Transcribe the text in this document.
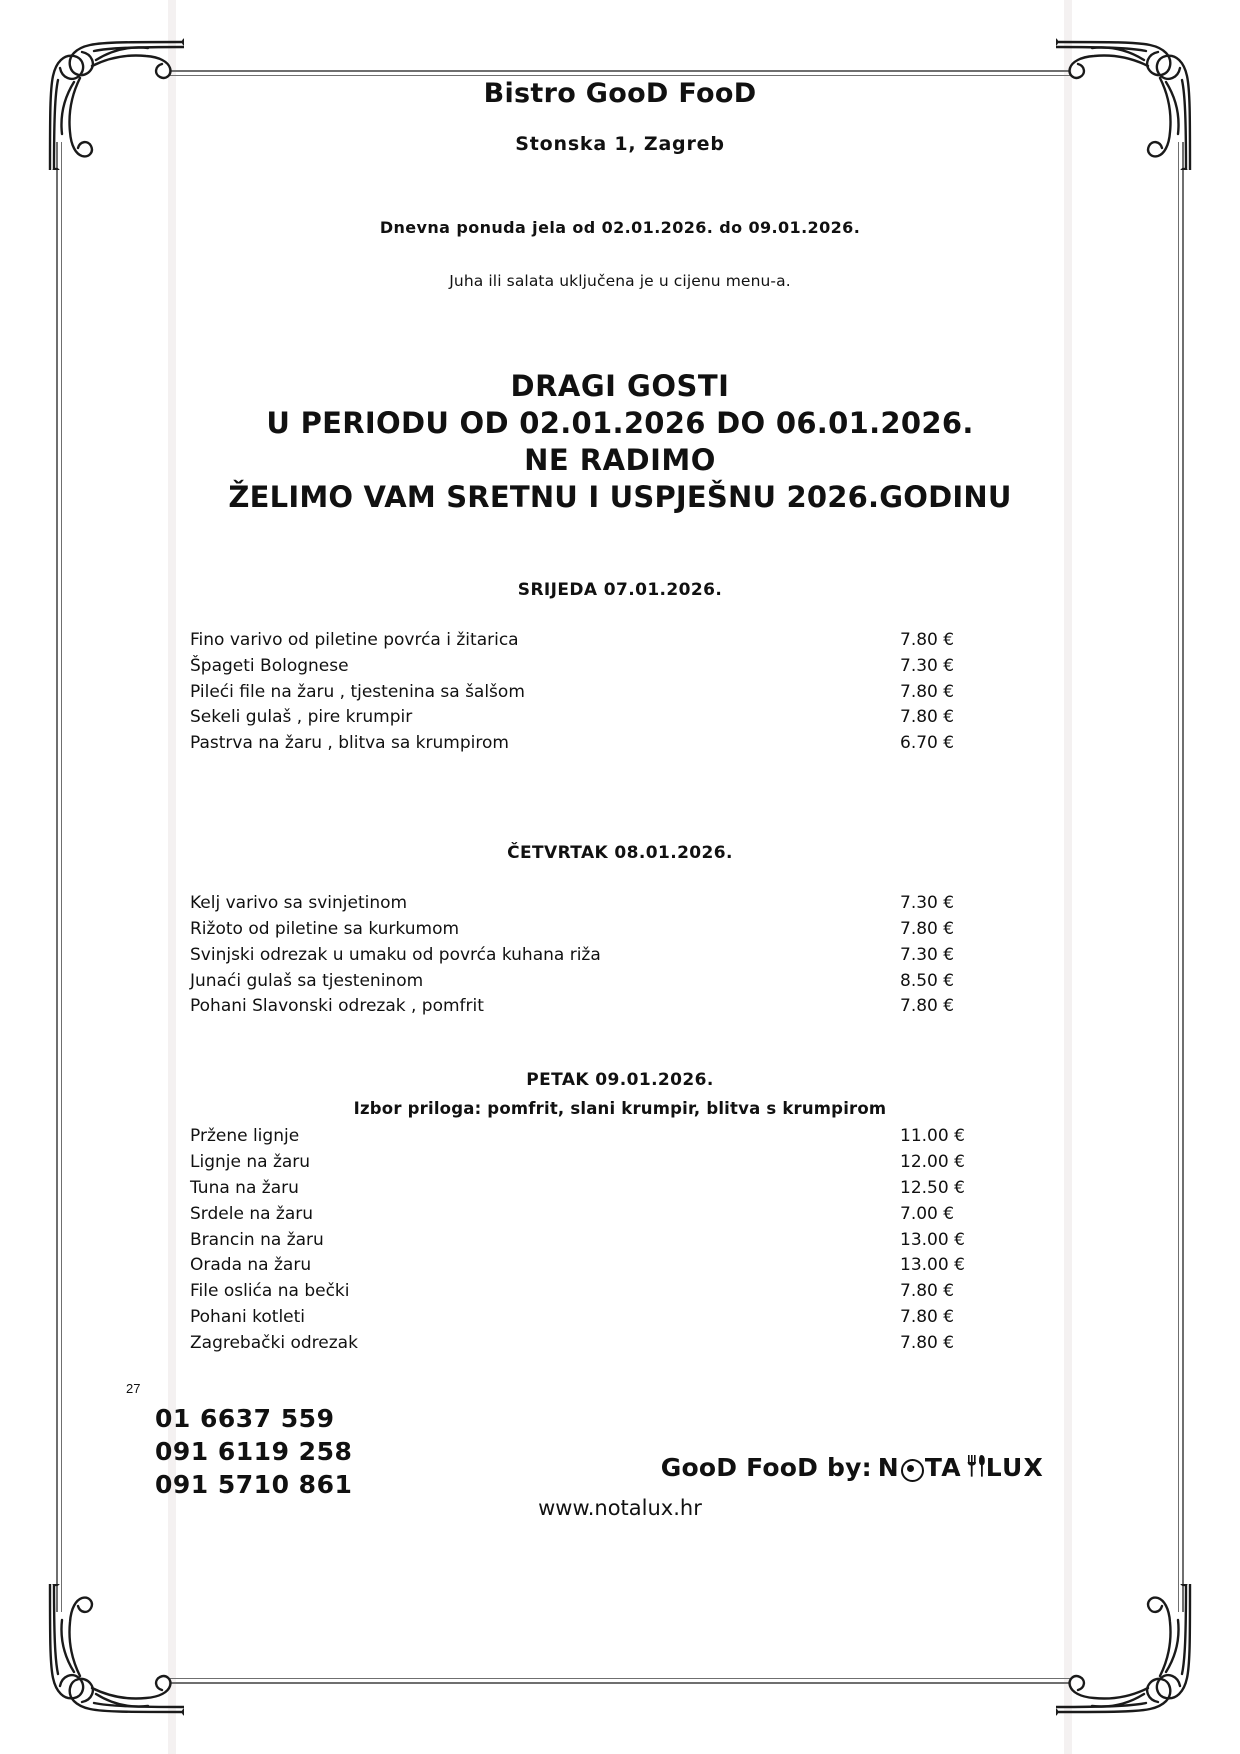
Bistro GooD FooD
Stonska 1, Zagreb
Dnevna ponuda jela od 02.01.2026. do 09.01.2026.
Juha ili salata uključena je u cijenu menu-a.
DRAGI GOSTI
U PERIODU OD 02.01.2026 DO 06.01.2026.
NE RADIMO
ŽELIMO VAM SRETNU I USPJEŠNU 2026.GODINU
SRIJEDA 07.01.2026.
Fino varivo od piletine povrća i žitarica	7.80 €
Špageti Bolognese	7.30 €
Pileći file na žaru , tjestenina sa šalšom	7.80 €
Sekeli gulaš , pire krumpir	7.80 €
Pastrva na žaru , blitva sa krumpirom	6.70 €
ČETVRTAK 08.01.2026.
Kelj varivo sa svinjetinom	7.30 €
Rižoto od piletine sa kurkumom	7.80 €
Svinjski odrezak u umaku od povrća kuhana riža	7.30 €
Junaći gulaš sa tjesteninom	8.50 €
Pohani Slavonski odrezak , pomfrit	7.80 €
PETAK 09.01.2026.
Izbor priloga: pomfrit, slani krumpir, blitva s krumpirom
Pržene lignje	11.00 €
Lignje na žaru	12.00 €
Tuna na žaru	12.50 €
Srdele na žaru	7.00 €
Brancin na žaru	13.00 €
Orada na žaru	13.00 €
File oslića na bečki	7.80 €
Pohani kotleti	7.80 €
Zagrebački odrezak	7.80 €
27
01 6637 559
091 6119 258
091 5710 861
www.notalux.hr
GooD FooD by: N TA LUX
